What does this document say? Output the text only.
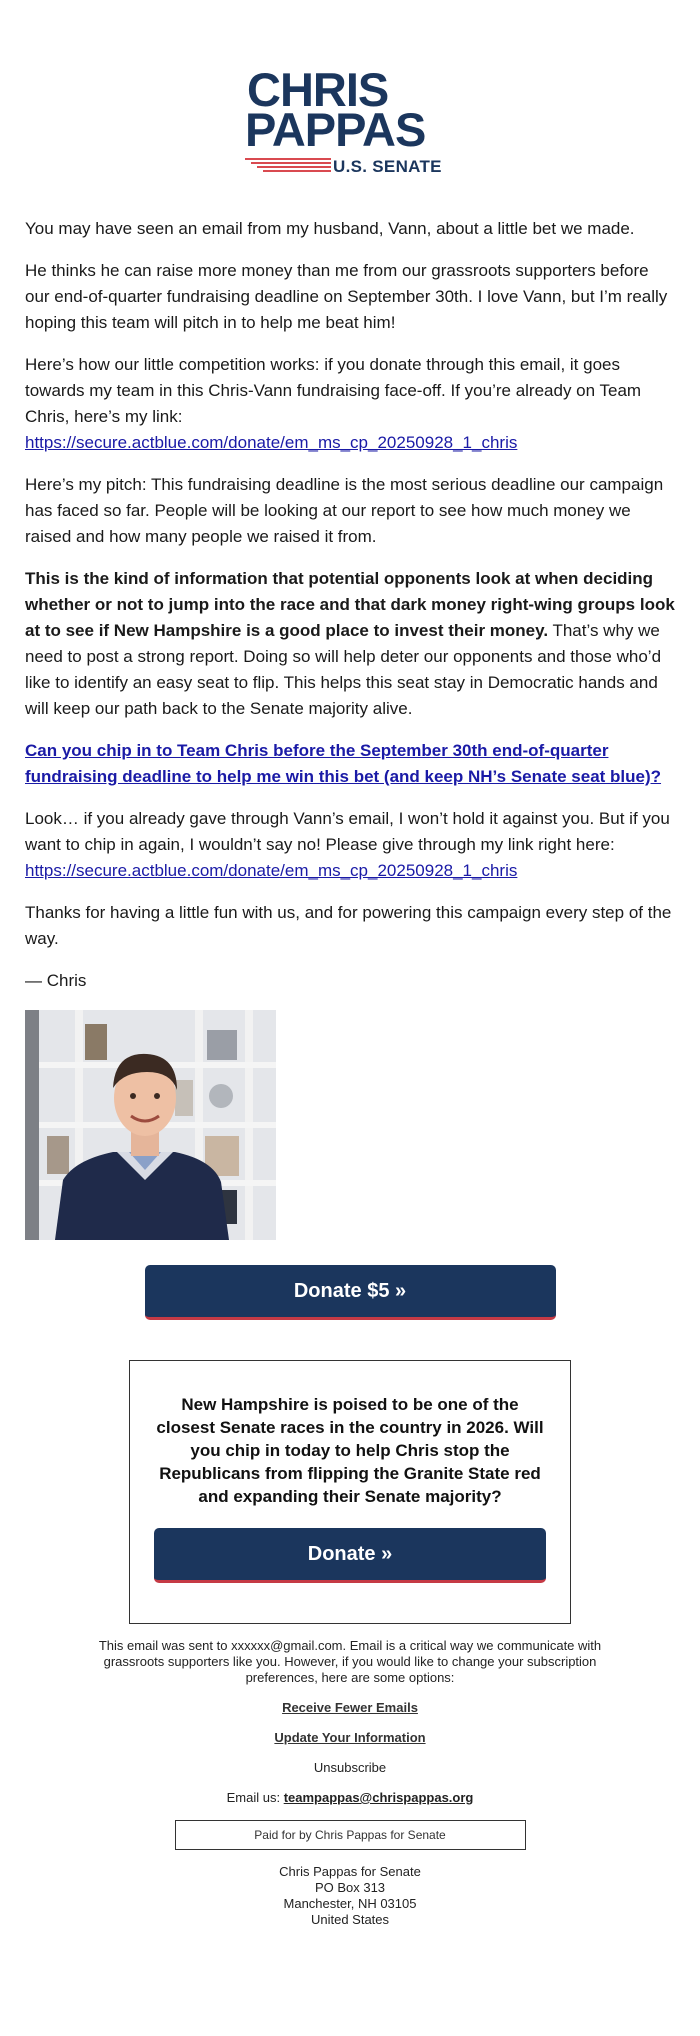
CHRIS
PAPPAS
U.S. SENATE

You may have seen an email from my husband, Vann, about a little bet we made.

He thinks he can raise more money than me from our grassroots supporters before our end-of-quarter fundraising deadline on September 30th. I love Vann, but I’m really hoping this team will pitch in to help me beat him!

Here’s how our little competition works: if you donate through this email, it goes towards my team in this Chris-Vann fundraising face-off. If you’re already on Team Chris, here’s my link:
https://secure.actblue.com/donate/em_ms_cp_20250928_1_chris

Here’s my pitch: This fundraising deadline is the most serious deadline our campaign has faced so far. People will be looking at our report to see how much money we raised and how many people we raised it from.

This is the kind of information that potential opponents look at when deciding whether or not to jump into the race and that dark money right-wing groups look at to see if New Hampshire is a good place to invest their money. That’s why we need to post a strong report. Doing so will help deter our opponents and those who’d like to identify an easy seat to flip. This helps this seat stay in Democratic hands and will keep our path back to the Senate majority alive.

Can you chip in to Team Chris before the September 30th end-of-quarter fundraising deadline to help me win this bet (and keep NH’s Senate seat blue)?

Look… if you already gave through Vann’s email, I won’t hold it against you. But if you want to chip in again, I wouldn’t say no! Please give through my link right here:
https://secure.actblue.com/donate/em_ms_cp_20250928_1_chris

Thanks for having a little fun with us, and for powering this campaign every step of the way.

— Chris

Donate $5 »

New Hampshire is poised to be one of the closest Senate races in the country in 2026. Will you chip in today to help Chris stop the Republicans from flipping the Granite State red and expanding their Senate majority?

Donate »
This email was sent to xxxxxx@gmail.com. Email is a critical way we communicate with grassroots supporters like you. However, if you would like to change your subscription preferences, here are some options:
Receive Fewer Emails
Update Your Information
Unsubscribe
Email us: teampappas@chrispappas.org
Paid for by Chris Pappas for Senate
Chris Pappas for Senate
PO Box 313
Manchester, NH 03105
United States
